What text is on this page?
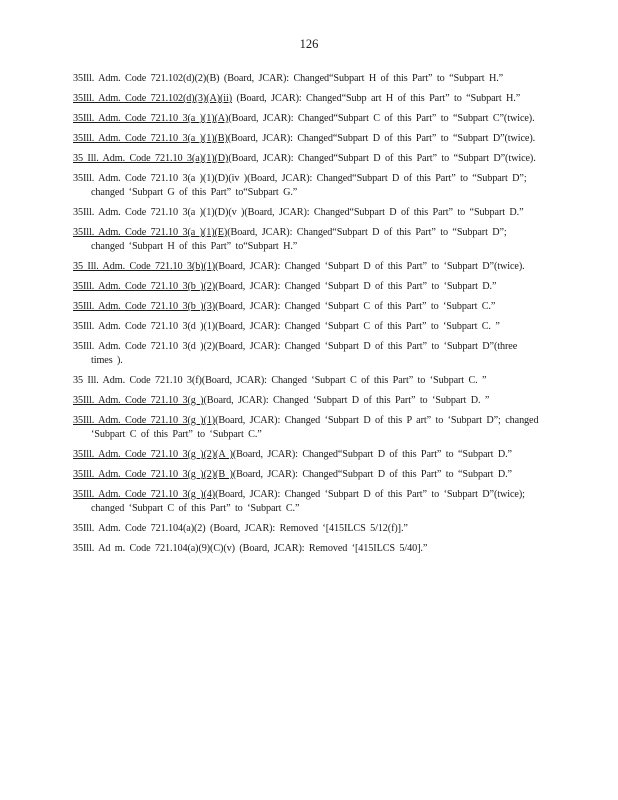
126
35Ill. Adm. Code 721.102(d)(2)(B) (Board, JCAR): Changed“Subpart H of this Part” to “Subpart H.”
35Ill. Adm. Code 721.102(d)(3)(A)(ii) (Board, JCAR): Changed“Subp art H of this Part” to “Subpart H.”
35Ill. Adm. Code 721.10 3(a )(1)(A)(Board, JCAR): Changed“Subpart C of this Part” to “Subpart C”(twice).
35Ill. Adm. Code 721.10 3(a )(1)(B)(Board, JCAR): Changed“Subpart D of this Part” to “Subpart D”(twice).
35 Ill. Adm. Code 721.10 3(a)(1)(D)(Board, JCAR): Changed“Subpart D of this Part” to “Subpart D”(twice).
35Ill. Adm. Code 721.10 3(a )(1)(D)(iv )(Board, JCAR): Changed“Subpart D of this Part” to “Subpart D”; changed ‘Subpart G of this Part” to“Subpart G.”
35Ill. Adm. Code 721.10 3(a )(1)(D)(v )(Board, JCAR): Changed“Subpart D of this Part” to “Subpart D.”
35Ill. Adm. Code 721.10 3(a )(1)(E)(Board, JCAR): Changed“Subpart D of this Part” to “Subpart D”; changed ‘Subpart H of this Part” to“Subpart H.”
35 Ill. Adm. Code 721.10 3(b)(1)(Board, JCAR): Changed ‘Subpart D of this Part” to ‘Subpart D”(twice).
35Ill. Adm. Code 721.10 3(b )(2)(Board, JCAR): Changed ‘Subpart D of this Part” to ‘Subpart D.”
35Ill. Adm. Code 721.10 3(b )(3)(Board, JCAR): Changed ‘Subpart C of this Part” to ‘Subpart C.”
35Ill. Adm. Code 721.10 3(d )(1)(Board, JCAR): Changed ‘Subpart C of this Part” to ‘Subpart C. ”
35Ill. Adm. Code 721.10 3(d )(2)(Board, JCAR): Changed ‘Subpart D of this Part” to ‘Subpart D”(three times ).
35 Ill. Adm. Code 721.10 3(f)(Board, JCAR): Changed ‘Subpart C of this Part” to ‘Subpart C. ”
35Ill. Adm. Code 721.10 3(g )(Board, JCAR): Changed ‘Subpart D of this Part” to ‘Subpart D. ”
35Ill. Adm. Code 721.10 3(g )(1)(Board, JCAR): Changed ‘Subpart D of this P art” to ‘Subpart D”; changed ‘Subpart C of this Part” to ‘Subpart C.”
35Ill. Adm. Code 721.10 3(g )(2)(A )(Board, JCAR): Changed“Subpart D of this Part” to “Subpart D.”
35Ill. Adm. Code 721.10 3(g )(2)(B )(Board, JCAR): Changed“Subpart D of this Part” to “Subpart D.”
35Ill. Adm. Code 721.10 3(g )(4)(Board, JCAR): Changed ‘Subpart D of this Part” to ‘Subpart D”(twice); changed ‘Subpart C of this Part” to ‘Subpart C.”
35Ill. Adm. Code 721.104(a)(2) (Board, JCAR): Removed ‘[415ILCS 5/12(f)].”
35Ill. Ad m. Code 721.104(a)(9)(C)(v) (Board, JCAR): Removed ‘[415ILCS 5/40].”
